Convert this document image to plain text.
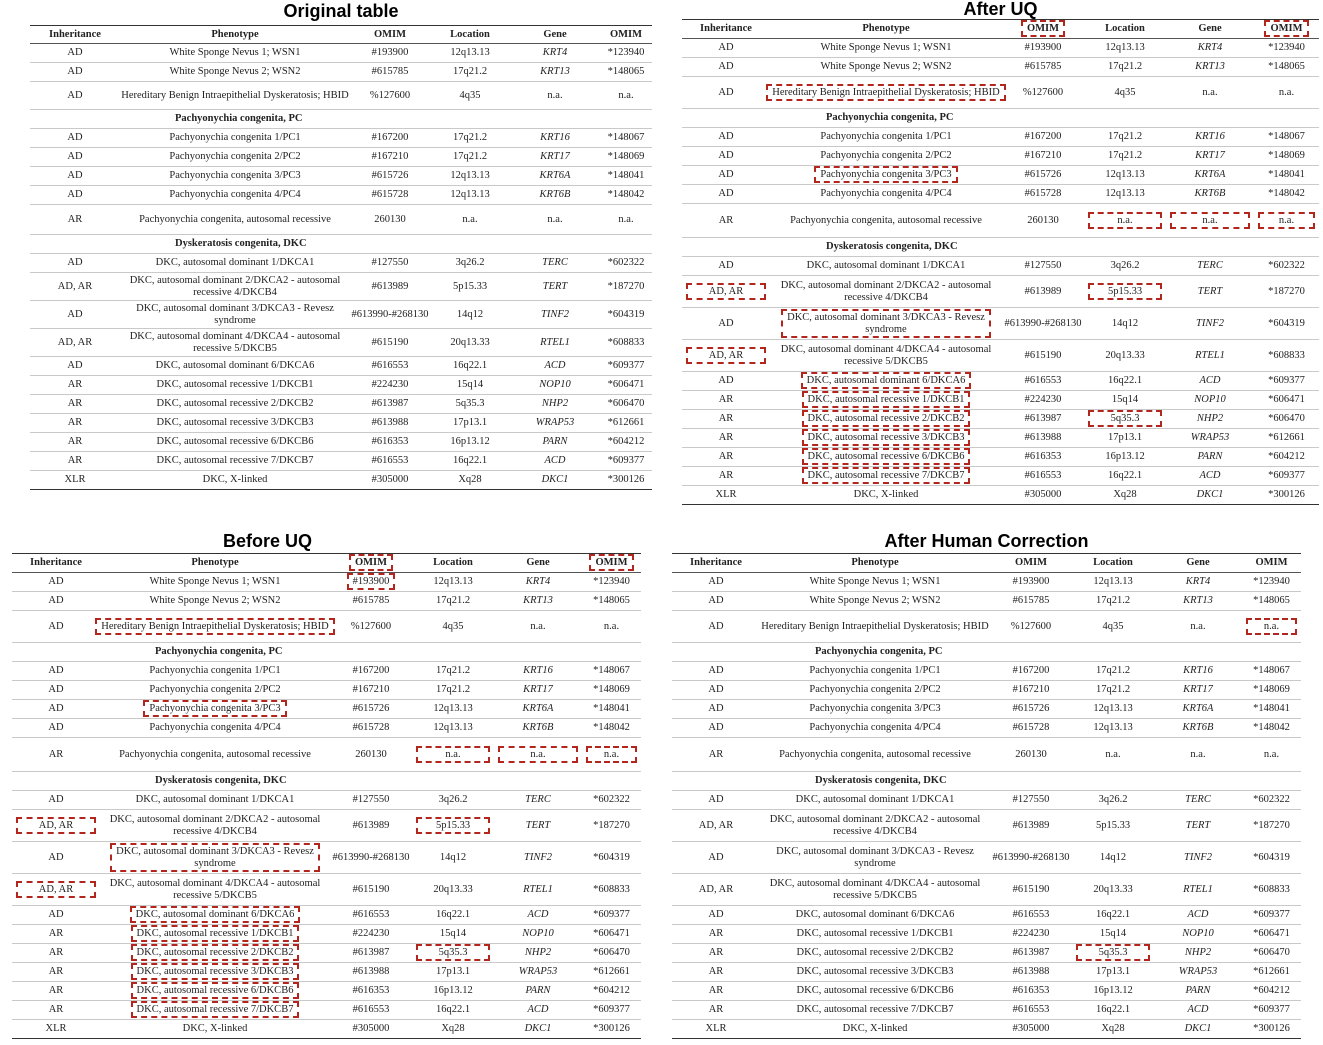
Original table
Inheritance	Phenotype	OMIM	Location	Gene	OMIM
AD	White Sponge Nevus 1; WSN1	#193900	12q13.13	KRT4	*123940
AD	White Sponge Nevus 2; WSN2	#615785	17q21.2	KRT13	*148065
AD	Hereditary Benign Intraepithelial Dyskeratosis; HBID	%127600	4q35	n.a.	n.a.
Pachyonychia congenita, PC					
AD	Pachyonychia congenita 1/PC1	#167200	17q21.2	KRT16	*148067
AD	Pachyonychia congenita 2/PC2	#167210	17q21.2	KRT17	*148069
AD	Pachyonychia congenita 3/PC3	#615726	12q13.13	KRT6A	*148041
AD	Pachyonychia congenita 4/PC4	#615728	12q13.13	KRT6B	*148042
AR	Pachyonychia congenita, autosomal recessive	260130	n.a.	n.a.	n.a.
Dyskeratosis congenita, DKC					
AD	DKC, autosomal dominant 1/DKCA1	#127550	3q26.2	TERC	*602322
AD, AR	DKC, autosomal dominant 2/DKCA2 - autosomal recessive 4/DKCB4	#613989	5p15.33	TERT	*187270
AD	DKC, autosomal dominant 3/DKCA3 - Revesz syndrome	#613990-#268130	14q12	TINF2	*604319
AD, AR	DKC, autosomal dominant 4/DKCA4 - autosomal recessive 5/DKCB5	#615190	20q13.33	RTEL1	*608833
AD	DKC, autosomal dominant 6/DKCA6	#616553	16q22.1	ACD	*609377
AR	DKC, autosomal recessive 1/DKCB1	#224230	15q14	NOP10	*606471
AR	DKC, autosomal recessive 2/DKCB2	#613987	5q35.3	NHP2	*606470
AR	DKC, autosomal recessive 3/DKCB3	#613988	17p13.1	WRAP53	*612661
AR	DKC, autosomal recessive 6/DKCB6	#616353	16p13.12	PARN	*604212
AR	DKC, autosomal recessive 7/DKCB7	#616553	16q22.1	ACD	*609377
XLR	DKC, X-linked	#305000	Xq28	DKC1	*300126
After UQ
Inheritance	Phenotype	OMIM	Location	Gene	OMIM
AD	White Sponge Nevus 1; WSN1	#193900	12q13.13	KRT4	*123940
AD	White Sponge Nevus 2; WSN2	#615785	17q21.2	KRT13	*148065
AD	Hereditary Benign Intraepithelial Dyskeratosis; HBID	%127600	4q35	n.a.	n.a.
Pachyonychia congenita, PC					
AD	Pachyonychia congenita 1/PC1	#167200	17q21.2	KRT16	*148067
AD	Pachyonychia congenita 2/PC2	#167210	17q21.2	KRT17	*148069
AD	Pachyonychia congenita 3/PC3	#615726	12q13.13	KRT6A	*148041
AD	Pachyonychia congenita 4/PC4	#615728	12q13.13	KRT6B	*148042
AR	Pachyonychia congenita, autosomal recessive	260130	n.a.	n.a.	n.a.
Dyskeratosis congenita, DKC					
AD	DKC, autosomal dominant 1/DKCA1	#127550	3q26.2	TERC	*602322
AD, AR	DKC, autosomal dominant 2/DKCA2 - autosomal recessive 4/DKCB4	#613989	5p15.33	TERT	*187270
AD	DKC, autosomal dominant 3/DKCA3 - Revesz syndrome	#613990-#268130	14q12	TINF2	*604319
AD, AR	DKC, autosomal dominant 4/DKCA4 - autosomal recessive 5/DKCB5	#615190	20q13.33	RTEL1	*608833
AD	DKC, autosomal dominant 6/DKCA6	#616553	16q22.1	ACD	*609377
AR	DKC, autosomal recessive 1/DKCB1	#224230	15q14	NOP10	*606471
AR	DKC, autosomal recessive 2/DKCB2	#613987	5q35.3	NHP2	*606470
AR	DKC, autosomal recessive 3/DKCB3	#613988	17p13.1	WRAP53	*612661
AR	DKC, autosomal recessive 6/DKCB6	#616353	16p13.12	PARN	*604212
AR	DKC, autosomal recessive 7/DKCB7	#616553	16q22.1	ACD	*609377
XLR	DKC, X-linked	#305000	Xq28	DKC1	*300126
Before UQ
Inheritance	Phenotype	OMIM	Location	Gene	OMIM
AD	White Sponge Nevus 1; WSN1	#193900	12q13.13	KRT4	*123940
AD	White Sponge Nevus 2; WSN2	#615785	17q21.2	KRT13	*148065
AD	Hereditary Benign Intraepithelial Dyskeratosis; HBID	%127600	4q35	n.a.	n.a.
Pachyonychia congenita, PC					
AD	Pachyonychia congenita 1/PC1	#167200	17q21.2	KRT16	*148067
AD	Pachyonychia congenita 2/PC2	#167210	17q21.2	KRT17	*148069
AD	Pachyonychia congenita 3/PC3	#615726	12q13.13	KRT6A	*148041
AD	Pachyonychia congenita 4/PC4	#615728	12q13.13	KRT6B	*148042
AR	Pachyonychia congenita, autosomal recessive	260130	n.a.	n.a.	n.a.
Dyskeratosis congenita, DKC					
AD	DKC, autosomal dominant 1/DKCA1	#127550	3q26.2	TERC	*602322
AD, AR	DKC, autosomal dominant 2/DKCA2 - autosomal recessive 4/DKCB4	#613989	5p15.33	TERT	*187270
AD	DKC, autosomal dominant 3/DKCA3 - Revesz syndrome	#613990-#268130	14q12	TINF2	*604319
AD, AR	DKC, autosomal dominant 4/DKCA4 - autosomal recessive 5/DKCB5	#615190	20q13.33	RTEL1	*608833
AD	DKC, autosomal dominant 6/DKCA6	#616553	16q22.1	ACD	*609377
AR	DKC, autosomal recessive 1/DKCB1	#224230	15q14	NOP10	*606471
AR	DKC, autosomal recessive 2/DKCB2	#613987	5q35.3	NHP2	*606470
AR	DKC, autosomal recessive 3/DKCB3	#613988	17p13.1	WRAP53	*612661
AR	DKC, autosomal recessive 6/DKCB6	#616353	16p13.12	PARN	*604212
AR	DKC, autosomal recessive 7/DKCB7	#616553	16q22.1	ACD	*609377
XLR	DKC, X-linked	#305000	Xq28	DKC1	*300126
After Human Correction
Inheritance	Phenotype	OMIM	Location	Gene	OMIM
AD	White Sponge Nevus 1; WSN1	#193900	12q13.13	KRT4	*123940
AD	White Sponge Nevus 2; WSN2	#615785	17q21.2	KRT13	*148065
AD	Hereditary Benign Intraepithelial Dyskeratosis; HBID	%127600	4q35	n.a.	n.a.
Pachyonychia congenita, PC					
AD	Pachyonychia congenita 1/PC1	#167200	17q21.2	KRT16	*148067
AD	Pachyonychia congenita 2/PC2	#167210	17q21.2	KRT17	*148069
AD	Pachyonychia congenita 3/PC3	#615726	12q13.13	KRT6A	*148041
AD	Pachyonychia congenita 4/PC4	#615728	12q13.13	KRT6B	*148042
AR	Pachyonychia congenita, autosomal recessive	260130	n.a.	n.a.	n.a.
Dyskeratosis congenita, DKC					
AD	DKC, autosomal dominant 1/DKCA1	#127550	3q26.2	TERC	*602322
AD, AR	DKC, autosomal dominant 2/DKCA2 - autosomal recessive 4/DKCB4	#613989	5p15.33	TERT	*187270
AD	DKC, autosomal dominant 3/DKCA3 - Revesz syndrome	#613990-#268130	14q12	TINF2	*604319
AD, AR	DKC, autosomal dominant 4/DKCA4 - autosomal recessive 5/DKCB5	#615190	20q13.33	RTEL1	*608833
AD	DKC, autosomal dominant 6/DKCA6	#616553	16q22.1	ACD	*609377
AR	DKC, autosomal recessive 1/DKCB1	#224230	15q14	NOP10	*606471
AR	DKC, autosomal recessive 2/DKCB2	#613987	5q35.3	NHP2	*606470
AR	DKC, autosomal recessive 3/DKCB3	#613988	17p13.1	WRAP53	*612661
AR	DKC, autosomal recessive 6/DKCB6	#616353	16p13.12	PARN	*604212
AR	DKC, autosomal recessive 7/DKCB7	#616553	16q22.1	ACD	*609377
XLR	DKC, X-linked	#305000	Xq28	DKC1	*300126
